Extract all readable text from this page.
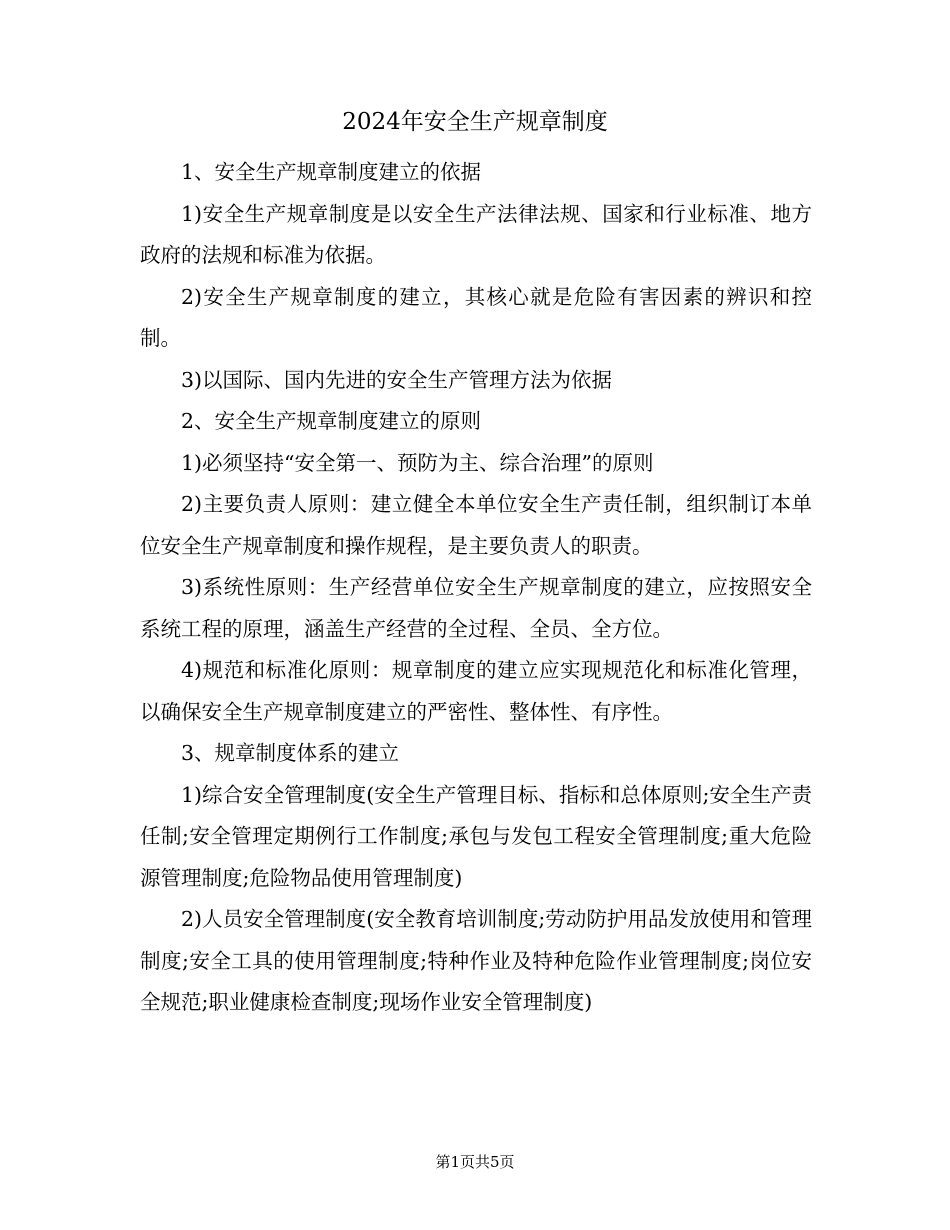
2024年安全生产规章制度

1、安全生产规章制度建立的依据

1)安全生产规章制度是以安全生产法律法规、国家和行业标准、地方政府的法规和标准为依据。

2)安全生产规章制度的建立，其核心就是危险有害因素的辨识和控制。

3)以国际、国内先进的安全生产管理方法为依据

2、安全生产规章制度建立的原则

1)必须坚持“安全第一、预防为主、综合治理”的原则

2)主要负责人原则：建立健全本单位安全生产责任制，组织制订本单位安全生产规章制度和操作规程，是主要负责人的职责。

3)系统性原则：生产经营单位安全生产规章制度的建立，应按照安全系统工程的原理，涵盖生产经营的全过程、全员、全方位。

4)规范和标准化原则：规章制度的建立应实现规范化和标准化管理，以确保安全生产规章制度建立的严密性、整体性、有序性。

3、规章制度体系的建立

1)综合安全管理制度(安全生产管理目标、指标和总体原则;安全生产责任制;安全管理定期例行工作制度;承包与发包工程安全管理制度;重大危险源管理制度;危险物品使用管理制度)

2)人员安全管理制度(安全教育培训制度;劳动防护用品发放使用和管理制度;安全工具的使用管理制度;特种作业及特种危险作业管理制度;岗位安全规范;职业健康检查制度;现场作业安全管理制度)

第1页共5页
